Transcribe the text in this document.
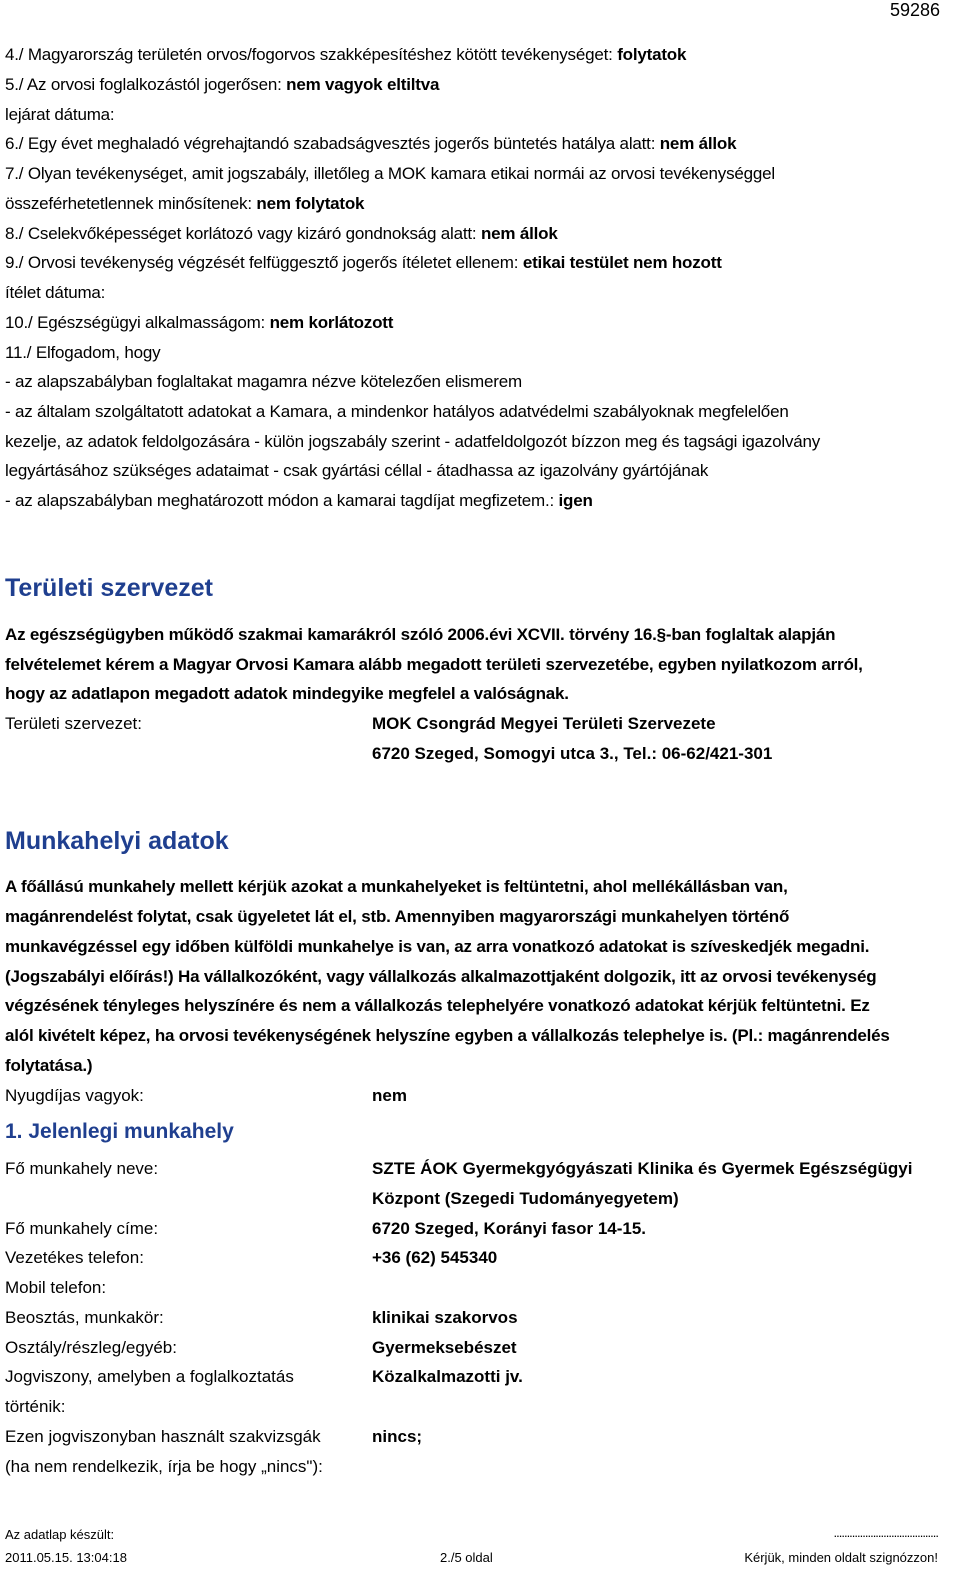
59286
4./ Magyarország területén orvos/fogorvos szakképesítéshez kötött tevékenységet: folytatok
5./ Az orvosi foglalkozástól jogerősen: nem vagyok eltiltva
lejárat dátuma:
6./ Egy évet meghaladó végrehajtandó szabadságvesztés jogerős büntetés hatálya alatt: nem állok
7./ Olyan tevékenységet, amit jogszabály, illetőleg a MOK kamara etikai normái az orvosi tevékenységgel
összeférhetetlennek minősítenek: nem folytatok
8./ Cselekvőképességet korlátozó vagy kizáró gondnokság alatt: nem állok
9./ Orvosi tevékenység végzését felfüggesztő jogerős ítéletet ellenem: etikai testület nem hozott
ítélet dátuma:
10./ Egészségügyi alkalmasságom: nem korlátozott
11./ Elfogadom, hogy
- az alapszabályban foglaltakat magamra nézve kötelezően elismerem
- az általam szolgáltatott adatokat a Kamara, a mindenkor hatályos adatvédelmi szabályoknak megfelelően
kezelje, az adatok feldolgozására - külön jogszabály szerint - adatfeldolgozót bízzon meg és tagsági igazolvány
legyártásához szükséges adataimat - csak gyártási céllal - átadhassa az igazolvány gyártójának
- az alapszabályban meghatározott módon a kamarai tagdíjat megfizetem.: igen
Területi szervezet
Az egészségügyben működő szakmai kamarákról szóló 2006.évi XCVII. törvény 16.§-ban foglaltak alapján
felvételemet kérem a Magyar Orvosi Kamara alább megadott területi szervezetébe, egyben nyilatkozom arról,
hogy az adatlapon megadott adatok mindegyike megfelel a valóságnak.
Területi szervezet:	MOK Csongrád Megyei Területi Szervezete
6720 Szeged, Somogyi utca 3., Tel.: 06-62/421-301
Munkahelyi adatok
A főállású munkahely mellett kérjük azokat a munkahelyeket is feltüntetni, ahol mellékállásban van,
magánrendelést folytat, csak ügyeletet lát el, stb. Amennyiben magyarországi munkahelyen történő
munkavégzéssel egy időben külföldi munkahelye is van, az arra vonatkozó adatokat is szíveskedjék megadni.
(Jogszabályi előírás!) Ha vállalkozóként, vagy vállalkozás alkalmazottjaként dolgozik, itt az orvosi tevékenység
végzésének tényleges helyszínére és nem a vállalkozás telephelyére vonatkozó adatokat kérjük feltüntetni. Ez
alól kivételt képez, ha orvosi tevékenységének helyszíne egyben a vállalkozás telephelye is. (Pl.: magánrendelés
folytatása.)
Nyugdíjas vagyok:	nem
1. Jelenlegi munkahely
Fő munkahely neve:	SZTE ÁOK Gyermekgyógyászati Klinika és Gyermek Egészségügyi
Központ (Szegedi Tudományegyetem)
Fő munkahely címe:	6720 Szeged, Korányi fasor 14-15.
Vezetékes telefon:	+36 (62) 545340
Mobil telefon:
Beosztás, munkakör:	klinikai szakorvos
Osztály/részleg/egyéb:	Gyermeksebészet
Jogviszony, amelyben a foglalkoztatás	Közalkalmazotti jv.
történik:
Ezen jogviszonyban használt szakvizsgák	nincs;
(ha nem rendelkezik, írja be hogy „nincs"):
Az adatlap készült:	........................................
2011.05.15. 13:04:18	2./5 oldal	Kérjük, minden oldalt szignózzon!
